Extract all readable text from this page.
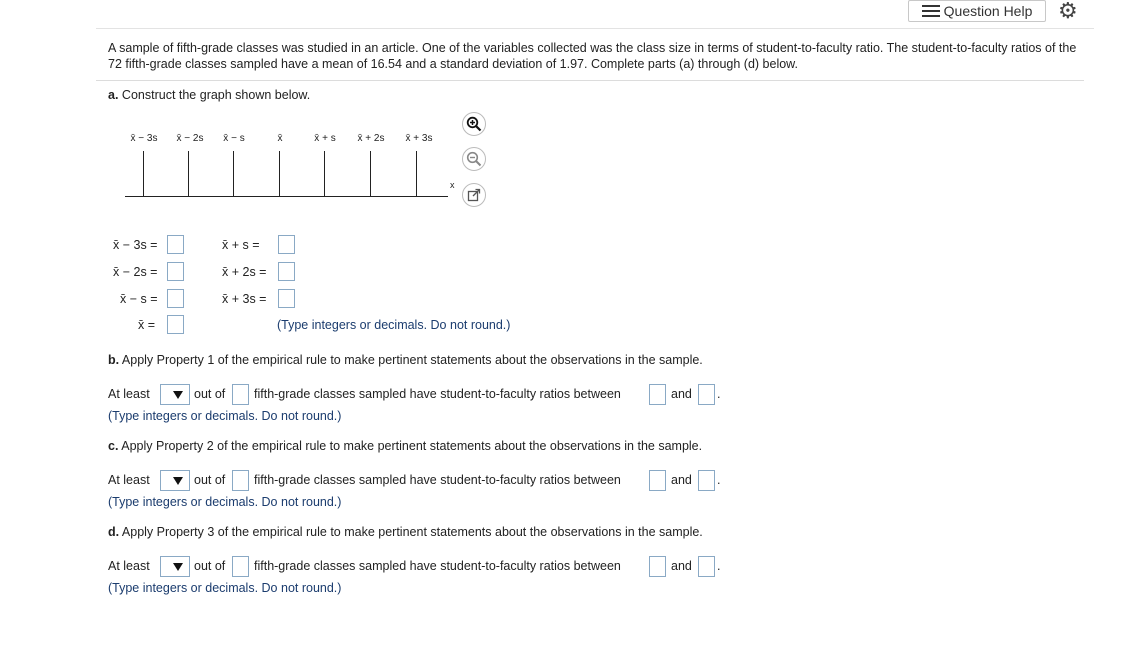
Question Help ⚙
A sample of fifth-grade classes was studied in an article. One of the variables collected was the class size in terms of student-to-faculty ratio. The student-to-faculty ratios of the 72 fifth-grade classes sampled have a mean of 16.54 and a standard deviation of 1.97. Complete parts (a) through (d) below.
a. Construct the graph shown below.
x̄ − 3s x̄ − 2s x̄ − s	x̄	x̄ + s x̄ + 2s x̄ + 3s
x
x̄ − 3s =
x̄ − 2s =
x̄ − s =
x̄ =
x̄ + s =
x̄ + 2s =
x̄ + 3s =
(Type integers or decimals. Do not round.)
b. Apply Property 1 of the empirical rule to make pertinent statements about the observations in the sample.
At least	out of fifth-grade classes sampled have student-to-faculty ratios between	and .
(Type integers or decimals. Do not round.)
c. Apply Property 2 of the empirical rule to make pertinent statements about the observations in the sample.
At least	out of fifth-grade classes sampled have student-to-faculty ratios between	and .
(Type integers or decimals. Do not round.)
d. Apply Property 3 of the empirical rule to make pertinent statements about the observations in the sample.
At least	out of fifth-grade classes sampled have student-to-faculty ratios between	and .
(Type integers or decimals. Do not round.)
